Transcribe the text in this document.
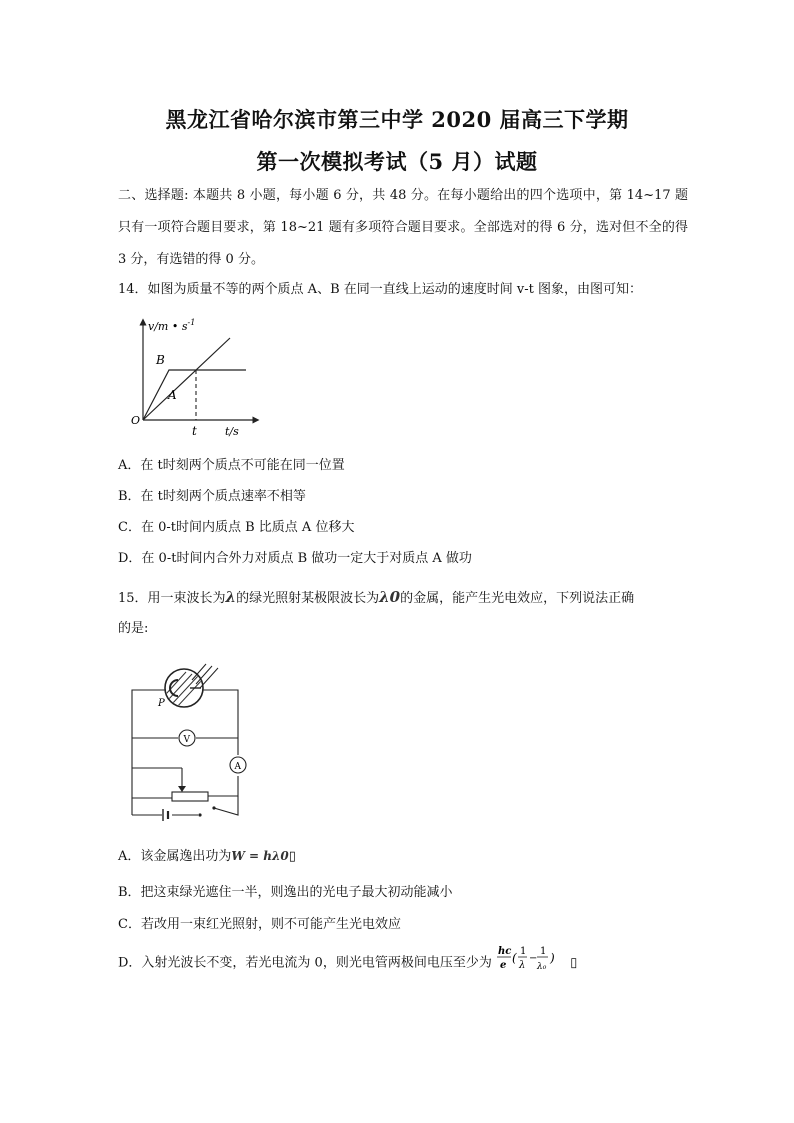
黑龙江省哈尔滨市第三中学 2020 届高三下学期
第一次模拟考试（5 月）试题
二、选择题: 本题共 8 小题，每小题 6 分，共 48 分。在每小题给出的四个选项中，第 14~17 题只有一项符合题目要求，第 18~21 题有多项符合题目要求。全部选对的得 6 分，选对但不全的得 3 分，有选错的得 0 分。
14．如图为质量不等的两个质点 A、B 在同一直线上运动的速度时间 v-t 图象，由图可知：
v/m • $s^{-1}$
B
A
O
t	t/s
A．在 t时刻两个质点不可能在同一位置
B．在 t时刻两个质点速率不相等
C．在 0-t时间内质点 B 比质点 A 位移大
D．在 0-t时间内合外力对质点 B 做功一定大于对质点 A 做功
15．用一束波长为λ的绿光照射某极限波长为λ0的金属，能产生光电效应，下列说法正确
的是:
P
V
A
A．该金属逸出功为W = hλ0▯
B．把这束绿光遮住一半，则逸出的光电子最大初动能减小
C．若改用一束红光照射，则不可能产生光电效应
D．入射光波长不变，若光电流为 0，则光电管两极间电压至少为
hc
e
( 1
λ
−
1
λ₀
) ▯
